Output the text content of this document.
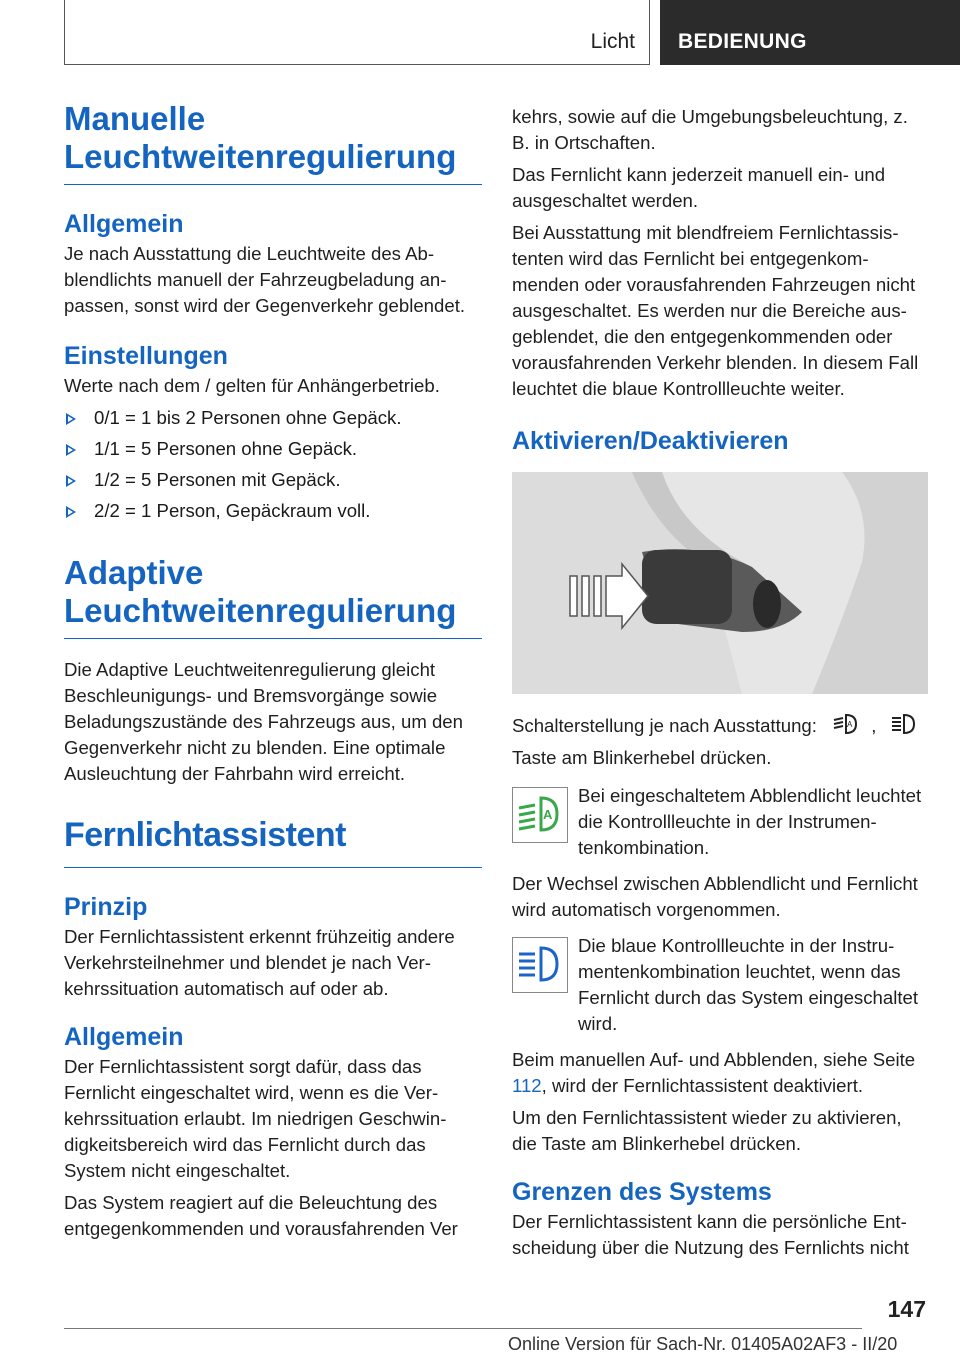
Licht BEDIENUNG
Manuelle Leuchtweitenregulierung
Allgemein

Je nach Ausstattung die Leuchtweite des Abblendlichts manuell der Fahrzeugbeladung anpassen, sonst wird der Gegenverkehr geblendet.

Einstellungen

Werte nach dem / gelten für Anhängerbetrieb.

0/1 = 1 bis 2 Personen ohne Gepäck.
1/1 = 5 Personen ohne Gepäck.
1/2 = 5 Personen mit Gepäck.
2/2 = 1 Person, Gepäckraum voll.
Adaptive Leuchtweitenregulierung

Die Adaptive Leuchtweitenregulierung gleicht Beschleunigungs- und Bremsvorgänge sowie Beladungszustände des Fahrzeugs aus, um den Gegenverkehr nicht zu blenden. Eine optimale Ausleuchtung der Fahrbahn wird erreicht.

Fernlichtassistent
Prinzip

Der Fernlichtassistent erkennt frühzeitig andere Verkehrsteilnehmer und blendet je nach Verkehrssituation automatisch auf oder ab.

Allgemein

Der Fernlichtassistent sorgt dafür, dass das Fernlicht eingeschaltet wird, wenn es die Verkehrssituation erlaubt. Im niedrigen Geschwindigkeitsbereich wird das Fernlicht durch das System nicht eingeschaltet.

Das System reagiert auf die Beleuchtung des entgegenkommenden und vorausfahrenden Ver

kehrs, sowie auf die Umgebungsbeleuchtung, z. B. in Ortschaften.

Das Fernlicht kann jederzeit manuell ein- und ausgeschaltet werden.

Bei Ausstattung mit blendfreiem Fernlichtassistenten wird das Fernlicht bei entgegenkommenden oder vorausfahrenden Fahrzeugen nicht ausgeschaltet. Es werden nur die Bereiche ausgeblendet, die den entgegenkommenden oder vorausfahrenden Verkehr blenden. In diesem Fall leuchtet die blaue Kontrollleuchte weiter.

Aktivieren/Deaktivieren

Schalterstellung je nach Ausstattung:	A ,

Taste am Blinkerhebel drücken.

A

Bei eingeschaltetem Abblendlicht leuchtet die Kontrollleuchte in der Instrumentenkombination.

Der Wechsel zwischen Abblendlicht und Fernlicht wird automatisch vorgenommen.

Die blaue Kontrollleuchte in der Instrumentenkombination leuchtet, wenn das Fernlicht durch das System eingeschaltet wird.

Beim manuellen Auf- und Abblenden, siehe Seite 112, wird der Fernlichtassistent deaktiviert.

Um den Fernlichtassistent wieder zu aktivieren, die Taste am Blinkerhebel drücken.

Grenzen des Systems

Der Fernlichtassistent kann die persönliche Entscheidung über die Nutzung des Fernlichts nicht

147
Online Version für Sach-Nr. 01405A02AF3 - II/20
